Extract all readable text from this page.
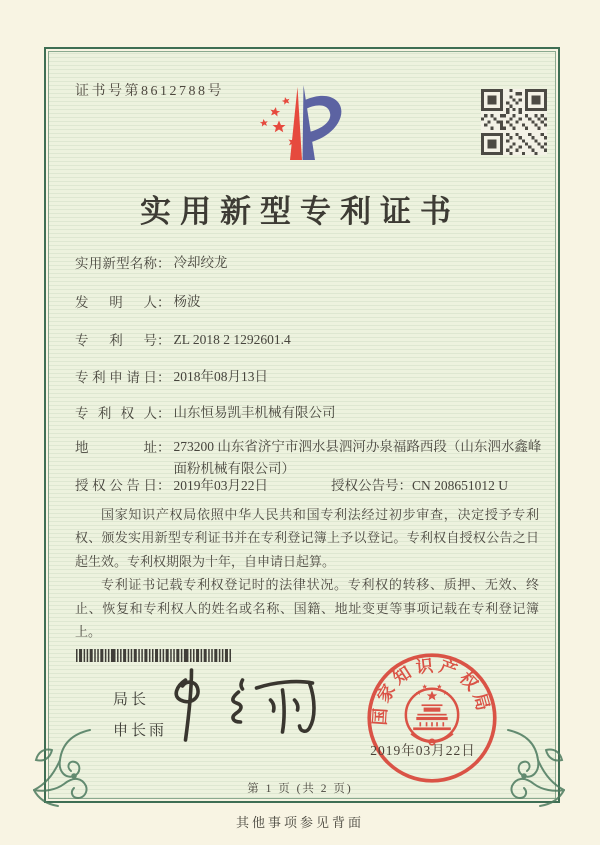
证书号第8612788号
实用新型专利证书
实用新型名称： 冷却绞龙
发明人： 杨波
专利号： ZL 2018 2 1292601.4
专利申请日： 2018年08月13日
专利权人： 山东恒易凯丰机械有限公司
地址： 273200 山东省济宁市泗水县泗河办泉福路西段（山东泗水鑫峰面粉机械有限公司）
授权公告日： 2019年03月22日	授权公告号：CN 208651012 U

国家知识产权局依照中华人民共和国专利法经过初步审查，决定授予专利权、颁发实用新型专利证书并在专利登记簿上予以登记。专利权自授权公告之日起生效。专利权期限为十年，自申请日起算。

专利证书记载专利权登记时的法律状况。专利权的转移、质押、无效、终止、恢复和专利权人的姓名或名称、国籍、地址变更等事项记载在专利登记簿上。

局长
申长雨
国家知识产权局
2019年03月22日
第 1 页 (共 2 页)
其他事项参见背面
